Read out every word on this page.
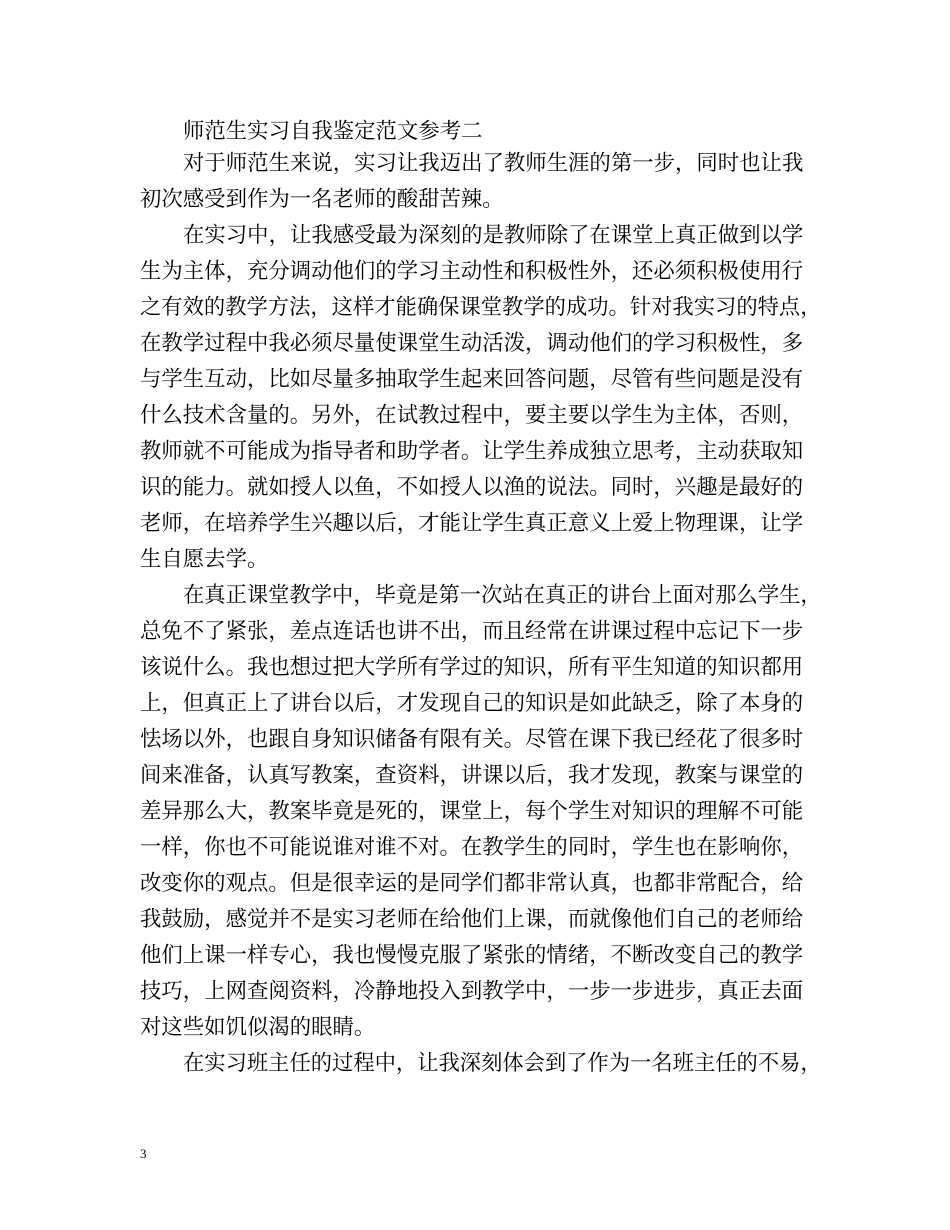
师范生实习自我鉴定范文参考二
对于师范生来说，实习让我迈出了教师生涯的第一步，同时也让我
初次感受到作为一名老师的酸甜苦辣。
在实习中，让我感受最为深刻的是教师除了在课堂上真正做到以学
生为主体，充分调动他们的学习主动性和积极性外，还必须积极使用行
之有效的教学方法，这样才能确保课堂教学的成功。针对我实习的特点，
在教学过程中我必须尽量使课堂生动活泼，调动他们的学习积极性，多
与学生互动，比如尽量多抽取学生起来回答问题，尽管有些问题是没有
什么技术含量的。另外，在试教过程中，要主要以学生为主体，否则，
教师就不可能成为指导者和助学者。让学生养成独立思考，主动获取知
识的能力。就如授人以鱼，不如授人以渔的说法。同时，兴趣是最好的
老师，在培养学生兴趣以后，才能让学生真正意义上爱上物理课，让学
生自愿去学。
在真正课堂教学中，毕竟是第一次站在真正的讲台上面对那么学生，
总免不了紧张，差点连话也讲不出，而且经常在讲课过程中忘记下一步
该说什么。我也想过把大学所有学过的知识，所有平生知道的知识都用
上，但真正上了讲台以后，才发现自己的知识是如此缺乏，除了本身的
怯场以外，也跟自身知识储备有限有关。尽管在课下我已经花了很多时
间来准备，认真写教案，查资料，讲课以后，我才发现，教案与课堂的
差异那么大，教案毕竟是死的，课堂上，每个学生对知识的理解不可能
一样，你也不可能说谁对谁不对。在教学生的同时，学生也在影响你，
改变你的观点。但是很幸运的是同学们都非常认真，也都非常配合，给
我鼓励，感觉并不是实习老师在给他们上课，而就像他们自己的老师给
他们上课一样专心，我也慢慢克服了紧张的情绪，不断改变自己的教学
技巧，上网查阅资料，冷静地投入到教学中，一步一步进步，真正去面
对这些如饥似渴的眼睛。
在实习班主任的过程中，让我深刻体会到了作为一名班主任的不易，
3
